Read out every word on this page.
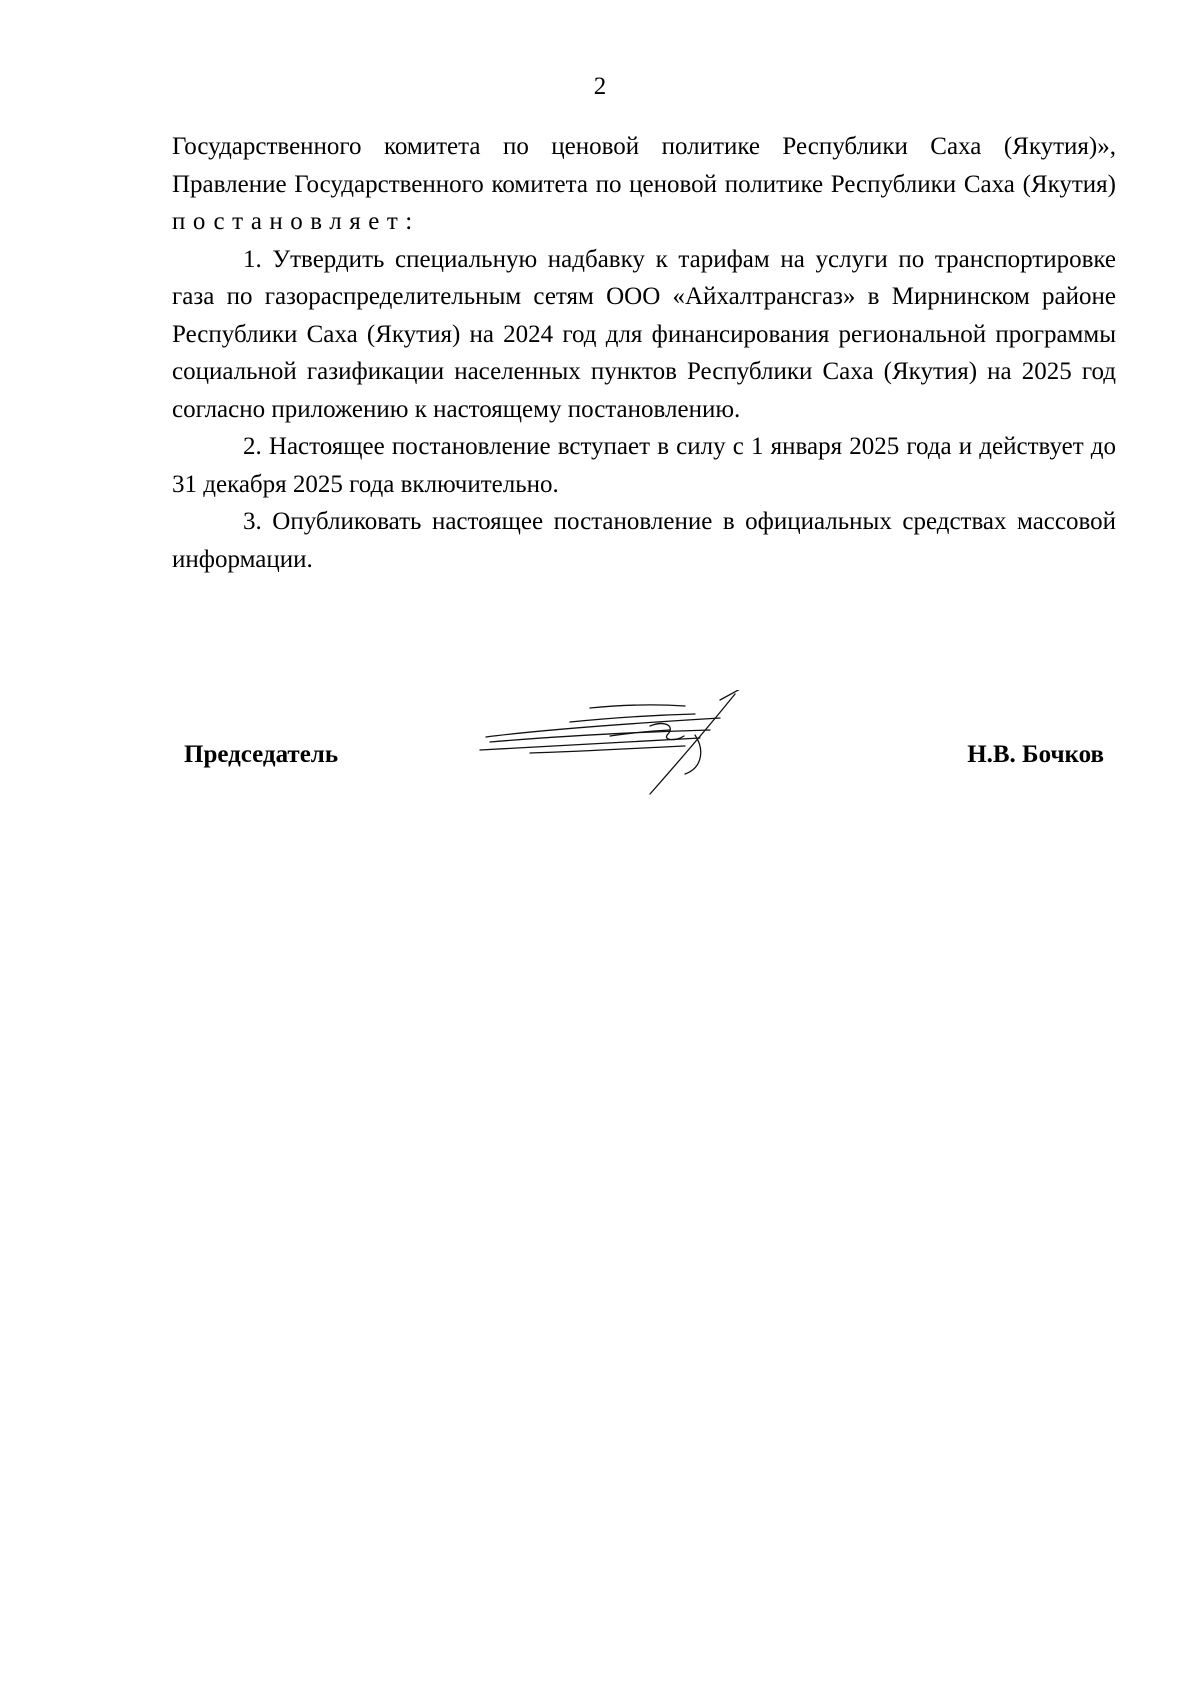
2

Государственного комитета по ценовой политике Республики Саха (Якутия)», Правление Государственного комитета по ценовой политике Республики Саха (Якутия) постановляет:

1. Утвердить специальную надбавку к тарифам на услуги по транспортировке газа по газораспределительным сетям ООО «Айхалтрансгаз» в Мирнинском районе Республики Саха (Якутия) на 2024 год для финансирования региональной программы социальной газификации населенных пунктов Республики Саха (Якутия) на 2025 год согласно приложению к настоящему постановлению.

2. Настоящее постановление вступает в силу с 1 января 2025 года и действует до 31 декабря 2025 года включительно.

3. Опубликовать настоящее постановление в официальных средствах массовой информации.

Председатель	Н.В. Бочков
